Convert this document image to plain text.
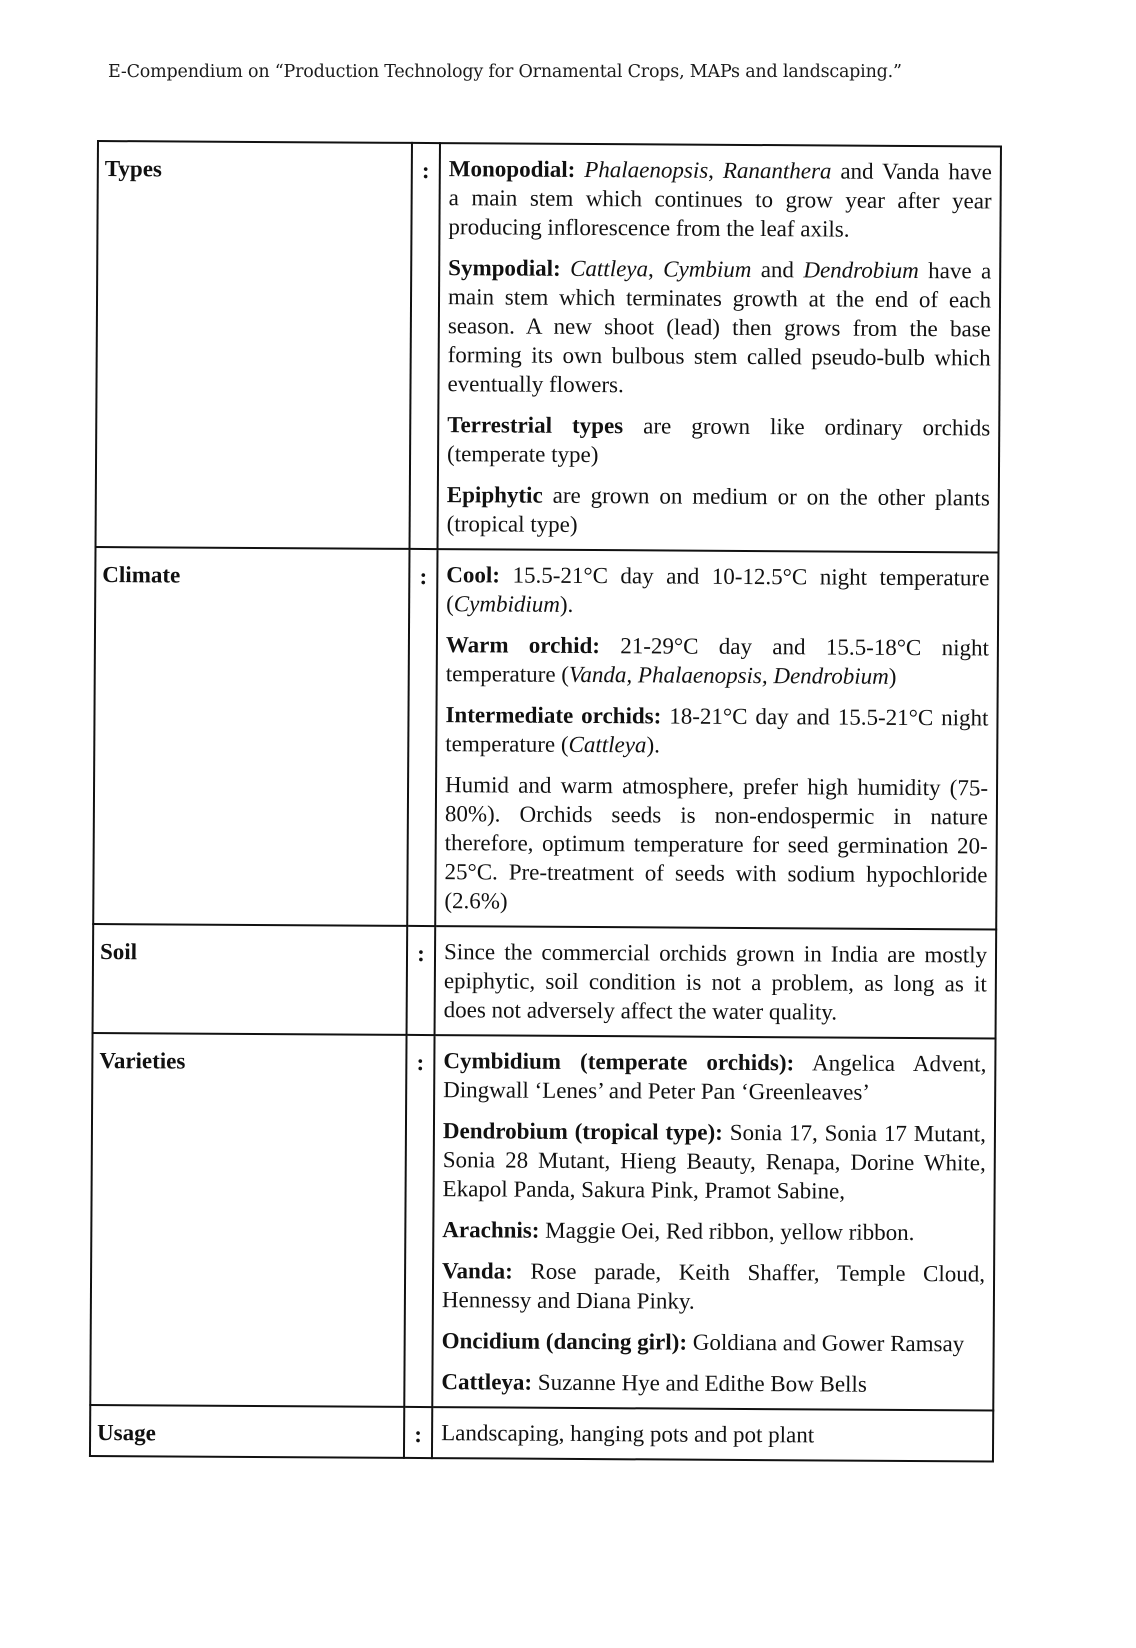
E-Compendium on “Production Technology for Ornamental Crops, MAPs and landscaping.”
Types	:	Monopodial: Phalaenopsis, Rananthera and Vanda have a main stem which continues to grow year after year producing inflorescence from the leaf axils.
Sympodial: Cattleya, Cymbium and Dendrobium have a main stem which terminates growth at the end of each season. A new shoot (lead) then grows from the base forming its own bulbous stem called pseudo-bulb which eventually flowers.
Terrestrial types are grown like ordinary orchids (temperate type)
Epiphytic are grown on medium or on the other plants (tropical type)

Climate	:	Cool: 15.5-21°C day and 10-12.5°C night temperature (Cymbidium).
Warm orchid: 21-29°C day and 15.5-18°C night temperature (Vanda, Phalaenopsis, Dendrobium)
Intermediate orchids: 18-21°C day and 15.5-21°C night temperature (Cattleya).
Humid and warm atmosphere, prefer high humidity (75-80%). Orchids seeds is non-endospermic in nature therefore, optimum temperature for seed germination 20-25°C. Pre-treatment of seeds with sodium hypochloride (2.6%)

Soil	:	Since the commercial orchids grown in India are mostly epiphytic, soil condition is not a problem, as long as it does not adversely affect the water quality.

Varieties	:	Cymbidium (temperate orchids): Angelica Advent, Dingwall ‘Lenes’ and Peter Pan ‘Greenleaves’
Dendrobium (tropical type): Sonia 17, Sonia 17 Mutant, Sonia 28 Mutant, Hieng Beauty, Renapa, Dorine White, Ekapol Panda, Sakura Pink, Pramot Sabine,
Arachnis: Maggie Oei, Red ribbon, yellow ribbon.
Vanda: Rose parade, Keith Shaffer, Temple Cloud, Hennessy and Diana Pinky.
Oncidium (dancing girl): Goldiana and Gower Ramsay
Cattleya: Suzanne Hye and Edithe Bow Bells

Usage	:	Landscaping, hanging pots and pot plant
